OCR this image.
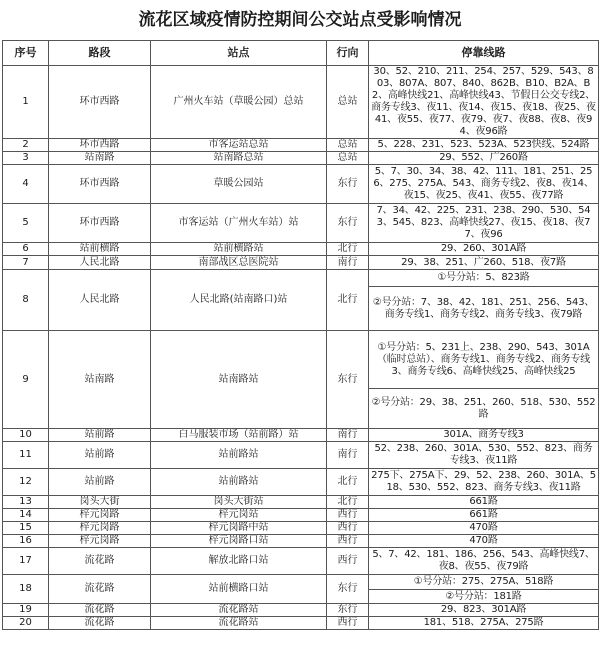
流花区域疫情防控期间公交站点受影响情况
序号	路段	站点	行向	停靠线路
1	环市西路	广州火车站（草暖公园）总站	总站	30、52、210、211、254、257、529、543、803、807A、807、840、862B、B10、B2A、B2、高峰快线21、高峰快线43、节假日公交专线2、商务专线3、夜11、夜14、夜15、夜18、夜25、夜41、夜55、夜77、夜79、夜7、夜88、夜8、夜94、夜96路
2	环市西路	市客运站总站	总站	5、228、231、523、523A、523快线、524路
3	站南路	站南路总站	总站	29、552、广260路
4	环市西路	草暖公园站	东行	5、7、30、34、38、42、111、181、251、256、275、275A、543、商务专线2、夜8、夜14、夜15、夜25、夜41、夜55、夜77路
5	环市西路	市客运站（广州火车站）站	东行	7、34、42、225、231、238、290、530、543、545、823、高峰快线27、夜15、夜18、夜77、夜96
6	站前横路	站前横路站	北行	29、260、301A路
7	人民北路	南部战区总医院站	南行	29、38、251、广260、518、夜7路
8	人民北路	人民北路(站南路口)站	北行	①号分站：5、823路
				②号分站：7、38、42、181、251、256、543、商务专线1、商务专线2、商务专线3、夜79路
9	站南路	站南路站	东行	①号分站：5、231上、238、290、543、301A（临时总站）、商务专线1、商务专线2、商务专线3、商务专线6、高峰快线25、高峰快线25
				②号分站：29、38、251、260、518、530、552路
10	站前路	白马服装市场（站前路）站	南行	301A、商务专线3
11	站前路	站前路站	南行	52、238、260、301A、530、552、823、商务专线3、夜11路
12	站前路	站前路站	北行	275下、275A下、29、52、238、260、301A、518、530、552、823、商务专线3、夜11路
13	岗头大街	岗头大街站	北行	661路
14	梓元岗路	梓元岗站	西行	661路
15	梓元岗路	梓元岗路中站	西行	470路
16	梓元岗路	梓元岗路口站	西行	470路
17	流花路	解放北路口站	西行	5、7、42、181、186、256、543、高峰快线7、夜8、夜55、夜79路
18	流花路	站前横路口站	东行	①号分站：275、275A、518路
				②号分站：181路
19	流花路	流花路站	东行	29、823、301A路
20	流花路	流花路站	西行	181、518、275A、275路
